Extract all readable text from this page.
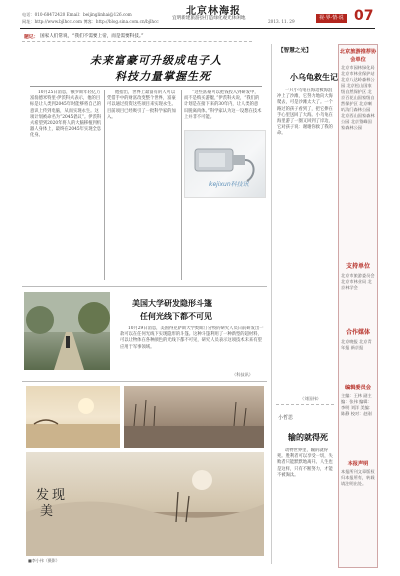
北京林海报
宜明新建旅游县打造绿化观光休闲地
电话：010-68472420 Email：beijinglinhai@126.com
网址：http://www.bjlhcc.com 博客：http://blog.sina.com.cn/bjlhcc	2013. 11. 29
视·界·情·说 07
题记： 国家人们常说，“我们不需要上帝，而是需要科技。”
未来富豪可升级成电子人
科技力量掌握生死

10月25日消息，俄罗斯年轻亿万富翁德米特里·伊茨科夫表示，他的目标是让人类到2045年时能够将自己的意识上传到电脑，从而实现永生。这项计划被命名为“2045倡议”。伊茨科夫希望到2020年将人的大脑移植到机器人身体上，最终在2045年实现全息化身。

他指出，世界上最富有的人可以凭借手中的财富改变整个世界，富豪可以通过投资这些项目来实现永生。目前项目已经吸引了一批科学家的加入。

“这些富豪可以把钱投入到研发中，而不是购买游艇，”伊茨科夫说，“我们的计划是在接下来的30年内，让人类的意识脱离肉体。”科学家认为这一设想在技术上并非不可能。

kejixun科技讯
美国大学研发隐形斗篷
任何光线下都不可见

10月29日消息，美国得克萨斯大学奥斯汀分校的研究人员日前研发出一款可以在任何光线下实现隐形的斗篷。这种斗篷利用了一种新型的超材料，可以让物体在各种颜色的光线下都不可见，研究人员表示这项技术未来有望应用于军事领域。

（科技讯）
发 现
美
■李小伟（摄影）
【智慧之光】
小乌龟救生记

一只小乌龟在海边被海浪冲上了沙滩，它努力地向大海爬去，可是沙滩太大了。一个路过的孩子看到了，把它捧在手心里送回了大海。小乌龟在海里游了一圈又回到了岸边，它对孩子说：谢谢你救了我的命。

（刘国伟）
小哲思
输的就得死

动物世界里，输的就得死。胜利者可以享受一切，失败者只能默默地离开。人生也是这样，只有不断努力，才能不被淘汰。

北京旅游推荐协会单位
北京市园林绿化局 北京市林业保护站 北京八达岭森林公园 北京松山国家级自然保护区 北京百花山国家级自然保护区 北京喇叭沟门森林公园 北京西山国家森林公园 北京鹫峰国家森林公园
支持单位
北京市旅游委员会 北京市林业局 北京林学会
合作媒体
北京晚报 北京青年报 新京报
编辑委员会
主编：王林 副主编：张伟 编辑：李明 刘洋 美编：陈静 校对：赵刚
本报声明
本报所刊文章版权归本报所有，转载请注明出处。
